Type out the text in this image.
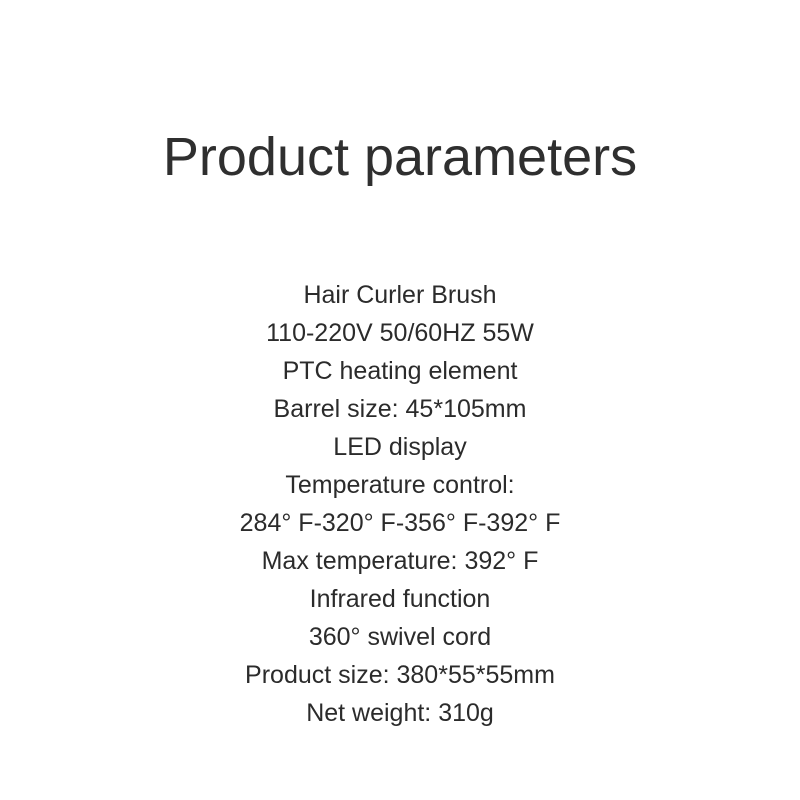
Product parameters
Hair Curler Brush
110-220V 50/60HZ 55W
PTC heating element
Barrel size: 45*105mm
LED display
Temperature control:
284° F-320° F-356° F-392° F
Max temperature: 392° F
Infrared function
360° swivel cord
Product size: 380*55*55mm
Net weight: 310g
